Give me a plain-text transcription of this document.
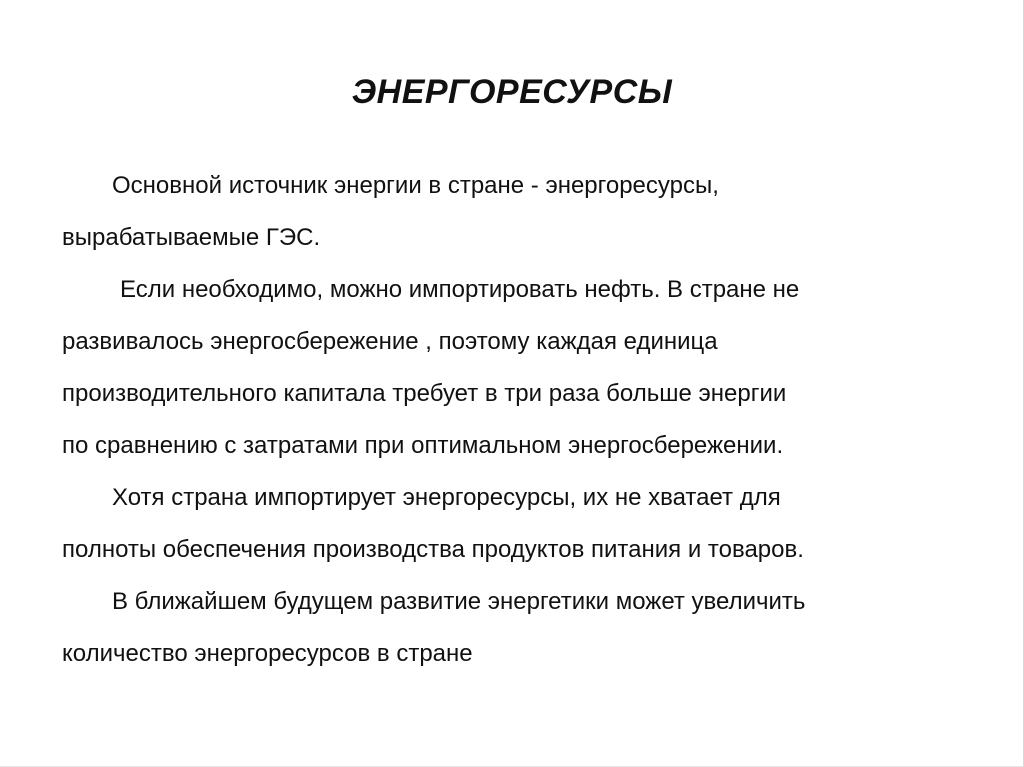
ЭНЕРГОРЕСУРСЫ
Основной источник энергии в стране - энергоресурсы,
вырабатываемые ГЭС.
Если необходимо, можно импортировать нефть. В стране не
развивалось энергосбережение , поэтому каждая единица
производительного капитала требует в три раза больше энергии
по сравнению с затратами при оптимальном энергосбережении.
Хотя страна импортирует энергоресурсы, их не хватает для
полноты обеспечения производства продуктов питания и товаров.
В ближайшем будущем развитие энергетики может увеличить
количество энергоресурсов в стране
